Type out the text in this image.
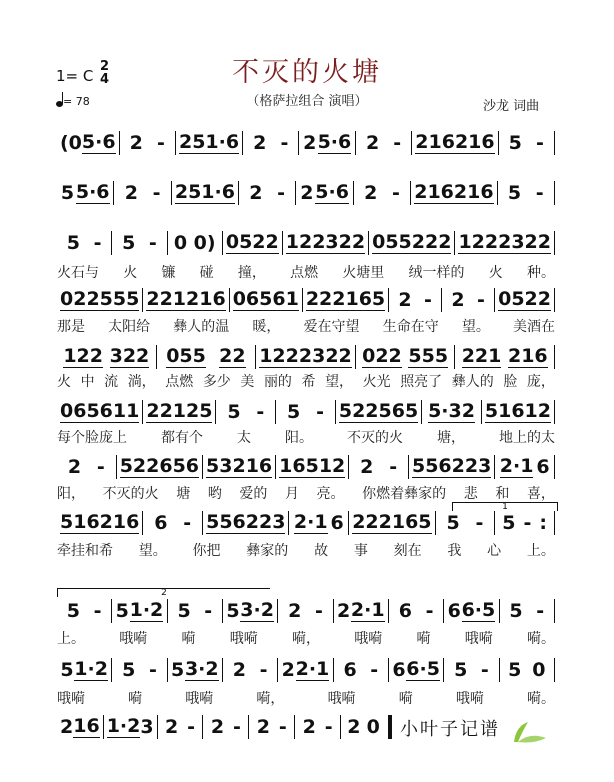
不灭的火塘
（格萨拉组合 演唱）
1= C
2
4
= 78	沙龙 词曲
1
2
(0 5·6 2 - 25 1·6 2 - 2 5·6 2 - 216 216 5 -
5 5·6 2 - 25 1·6 2 - 2 5·6 2 - 216 216 5 -
5 - 5 - 0 0) 05 22 122 322 055 222 1222 322
火石与 火 镰 碰 撞， 点燃 火塘里 绒一样的 火 种。
022 555 221 216 065 61 222 165 2 - 2 - 05 22
那是 太阳给 彝人的温 暖， 爱在守望 生命在守 望。 美酒在
122 322 055 22 1222 322 022 555 221 216
火 中 流 淌， 点燃 多少 美 丽的 希 望， 火光 照亮了 彝人的 脸 庞，
065 611 221 25 5 - 5 - 522 565 5·32 516 12
每个脸庞上 都有个 太 阳。 不灭的火 塘， 地上的太
2 - 522 656 532 16 165 12 2 - 556 223 2·1 6
阳， 不灭的火 塘 哟 爱的 月 亮。 你燃着彝家的 悲 和 喜，
516 216 6 - 556 223 2·1 6 22 2165 5 - 5 - :
牵挂和希 望。 你把 彝家的 故 事 刻在 我 心 上。
5 - 5 1·2 5 - 5 3·2 2 - 2 2·1 6 - 6 6·5 5 -
上。 哦嗬 嗬 哦嗬 嗬， 哦嗬 嗬 哦嗬 嗬。
5 1·2 5 - 5 3·2 2 - 2 2·1 6 - 6 6·5 5 - 5 0
哦嗬	嗬	哦嗬	嗬，	哦嗬	嗬	哦嗬	嗬。
2 16 1·2 3 2 - 2 - 2 - 2 - 2 0 小叶子记谱
